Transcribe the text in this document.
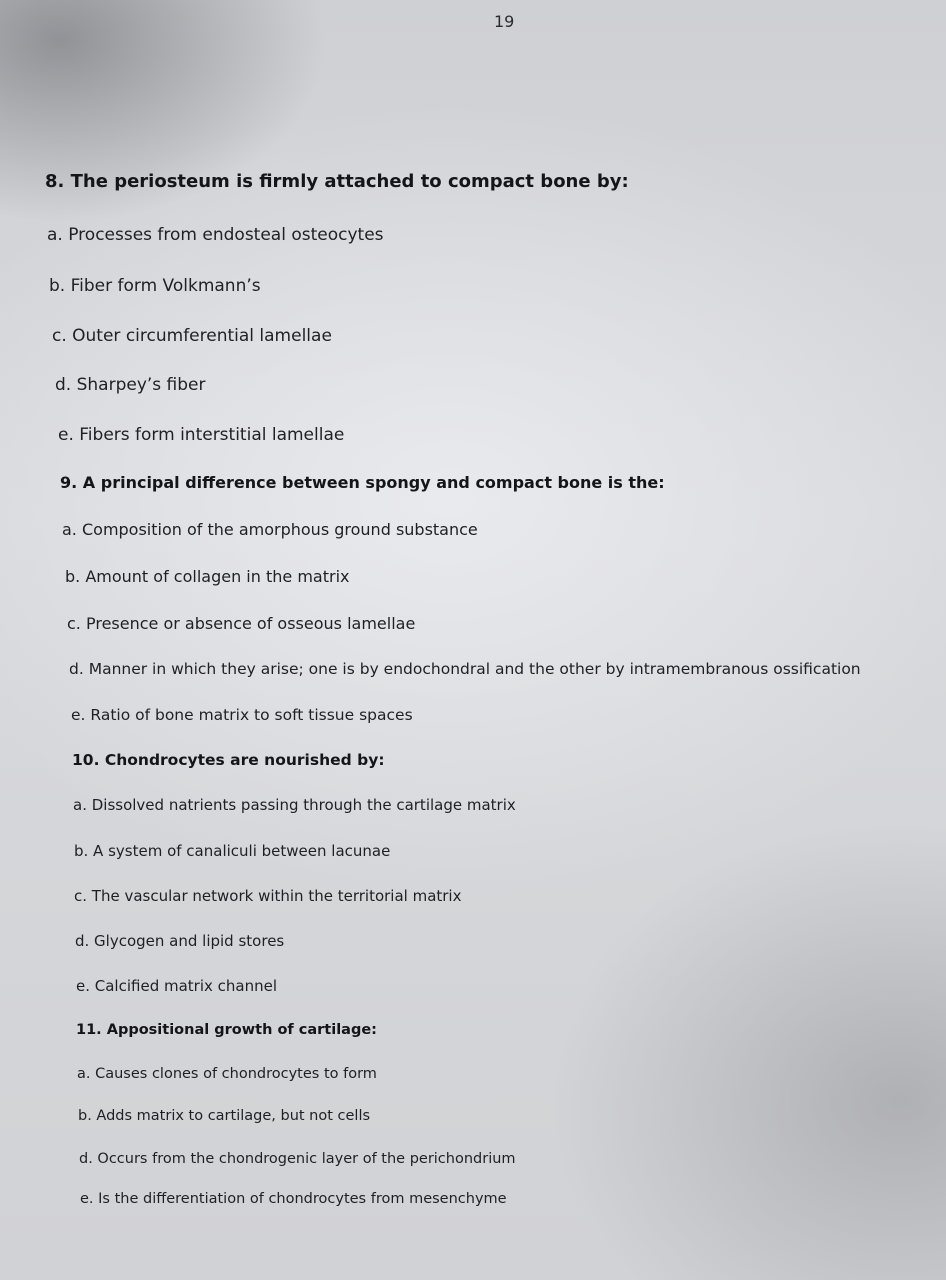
19
8. The periosteum is firmly attached to compact bone by:
a. Processes from endosteal osteocytes
b. Fiber form Volkmann’s
c. Outer circumferential lamellae
d. Sharpey’s fiber
e. Fibers form interstitial lamellae
9. A principal difference between spongy and compact bone is the:
a. Composition of the amorphous ground substance
b. Amount of collagen in the matrix
c. Presence or absence of osseous lamellae
d. Manner in which they arise; one is by endochondral and the other by intramembranous ossification
e. Ratio of bone matrix to soft tissue spaces
10. Chondrocytes are nourished by:
a. Dissolved natrients passing through the cartilage matrix
b. A system of canaliculi between lacunae
c. The vascular network within the territorial matrix
d. Glycogen and lipid stores
e. Calcified matrix channel
11. Appositional growth of cartilage:
a. Causes clones of chondrocytes to form
b. Adds matrix to cartilage, but not cells
d. Occurs from the chondrogenic layer of the perichondrium
e. Is the differentiation of chondrocytes from mesenchyme
